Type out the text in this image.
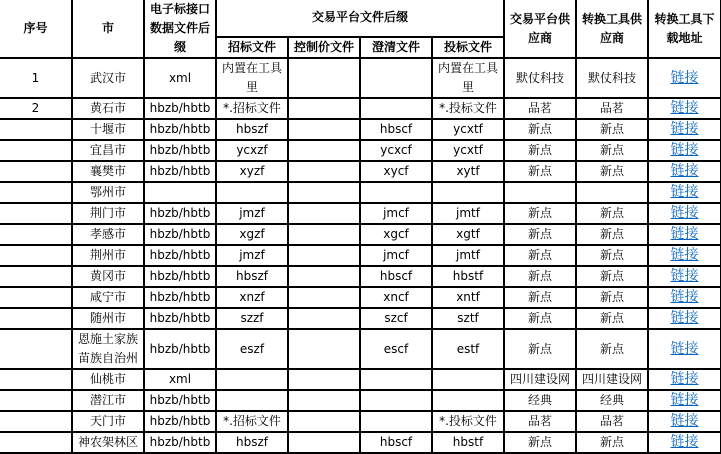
序号	市	电子标接口数据文件后缀	交易平台文件后缀				交易平台供应商	转换工具供应商	转换工具下载地址
			招标文件	控制价文件	澄清文件	投标文件			
1	武汉市	xml	内置在工具里			内置在工具里	默仗科技	默仗科技	链接
2	黄石市	hbzb/hbtb	*.招标文件			*.投标文件	品茗	品茗	链接
	十堰市	hbzb/hbtb	hbszf		hbscf	ycxtf	新点	新点	链接
	宜昌市	hbzb/hbtb	ycxzf		ycxcf	ycxtf	新点	新点	链接
	襄樊市	hbzb/hbtb	xyzf		xycf	xytf	新点	新点	链接
	鄂州市								链接
	荆门市	hbzb/hbtb	jmzf		jmcf	jmtf	新点	新点	链接
	孝感市	hbzb/hbtb	xgzf		xgcf	xgtf	新点	新点	链接
	荆州市	hbzb/hbtb	jmzf		jmcf	jmtf	新点	新点	链接
	黄冈市	hbzb/hbtb	hbszf		hbscf	hbstf	新点	新点	链接
	咸宁市	hbzb/hbtb	xnzf		xncf	xntf	新点	新点	链接
	随州市	hbzb/hbtb	szzf		szcf	sztf	新点	新点	链接
	恩施土家族苗族自治州	hbzb/hbtb	eszf		escf	estf	新点	新点	链接
	仙桃市	xml					四川建设网	四川建设网	链接
	潜江市	hbzb/hbtb					经典	经典	链接
	天门市	hbzb/hbtb	*.招标文件			*.投标文件	品茗	品茗	链接
	神农架林区	hbzb/hbtb	hbszf		hbscf	hbstf	新点	新点	链接
